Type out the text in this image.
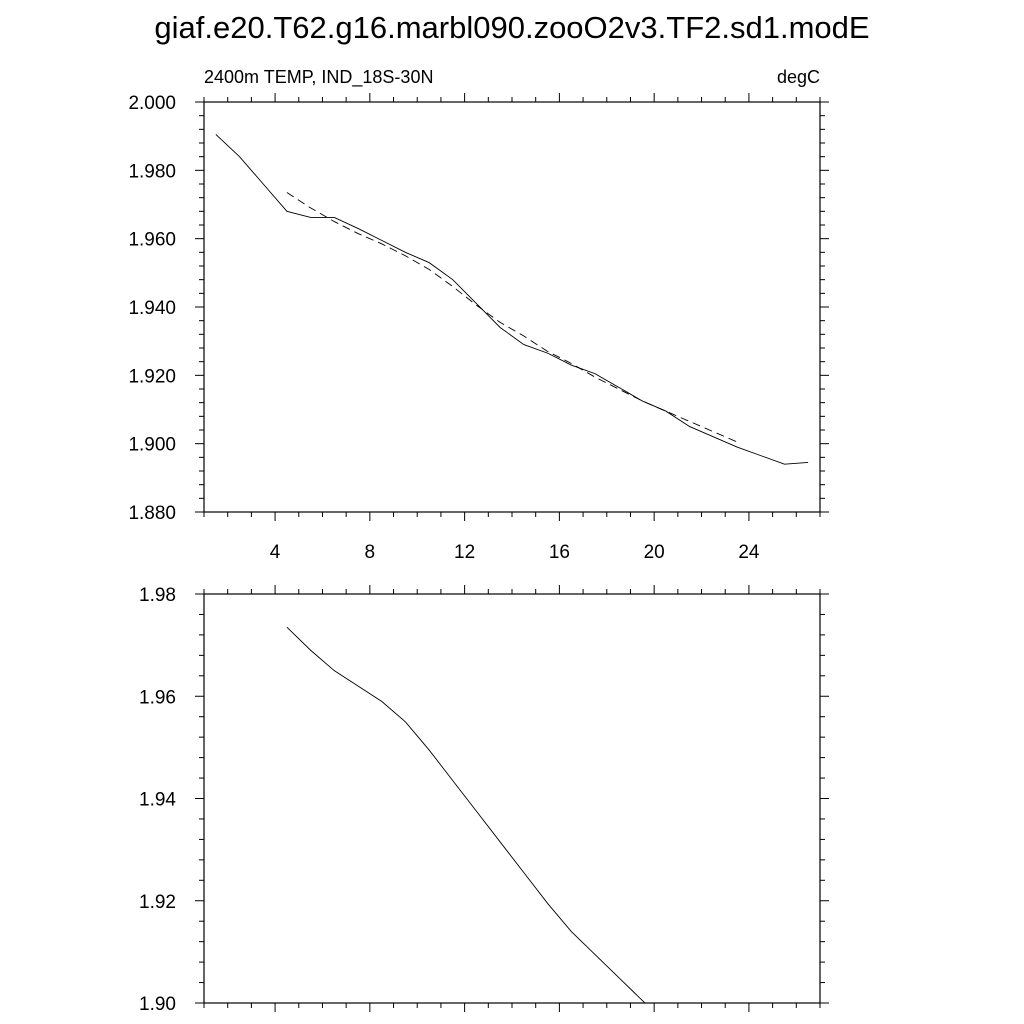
giaf.e20.T62.g16.marbl090.zooO2v3.TF2.sd1.modE
2400m TEMP, IND_18S-30N	degC
4	8	12	16	20	24
1.880
1.900
1.920
1.940
1.960
1.980
2.000
1.90
1.92
1.94
1.96
1.98
